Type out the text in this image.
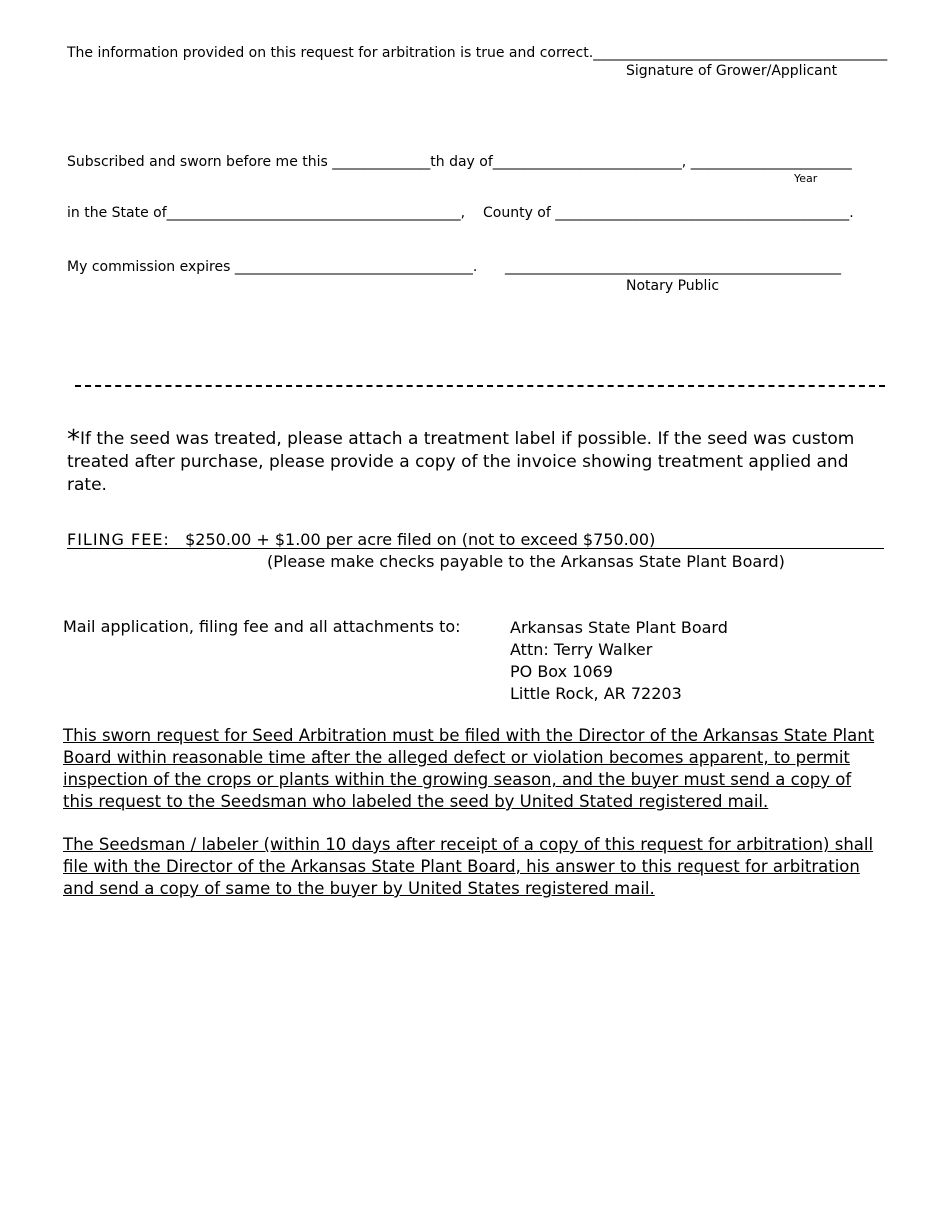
The information provided on this request for arbitration is true and correct.__________________________________________
Signature of Grower/Applicant
Subscribed and sworn before me this ______________th day of___________________________, _______________________
Year
in the State of__________________________________________, County of __________________________________________.
My commission expires __________________________________. ________________________________________________
Notary Public
*If the seed was treated, please attach a treatment label if possible. If the seed was custom treated after purchase, please provide a copy of the invoice showing treatment applied and rate.
FILING FEE: $250.00 + $1.00 per acre filed on (not to exceed $750.00)
(Please make checks payable to the Arkansas State Plant Board)
Mail application, filing fee and all attachments to:	Arkansas State Plant Board
Attn: Terry Walker
PO Box 1069
Little Rock, AR 72203
This sworn request for Seed Arbitration must be filed with the Director of the Arkansas State Plant Board within reasonable time after the alleged defect or violation becomes apparent, to permit inspection of the crops or plants within the growing season, and the buyer must send a copy of this request to the Seedsman who labeled the seed by United Stated registered mail.
The Seedsman / labeler (within 10 days after receipt of a copy of this request for arbitration) shall file with the Director of the Arkansas State Plant Board, his answer to this request for arbitration and send a copy of same to the buyer by United States registered mail.
